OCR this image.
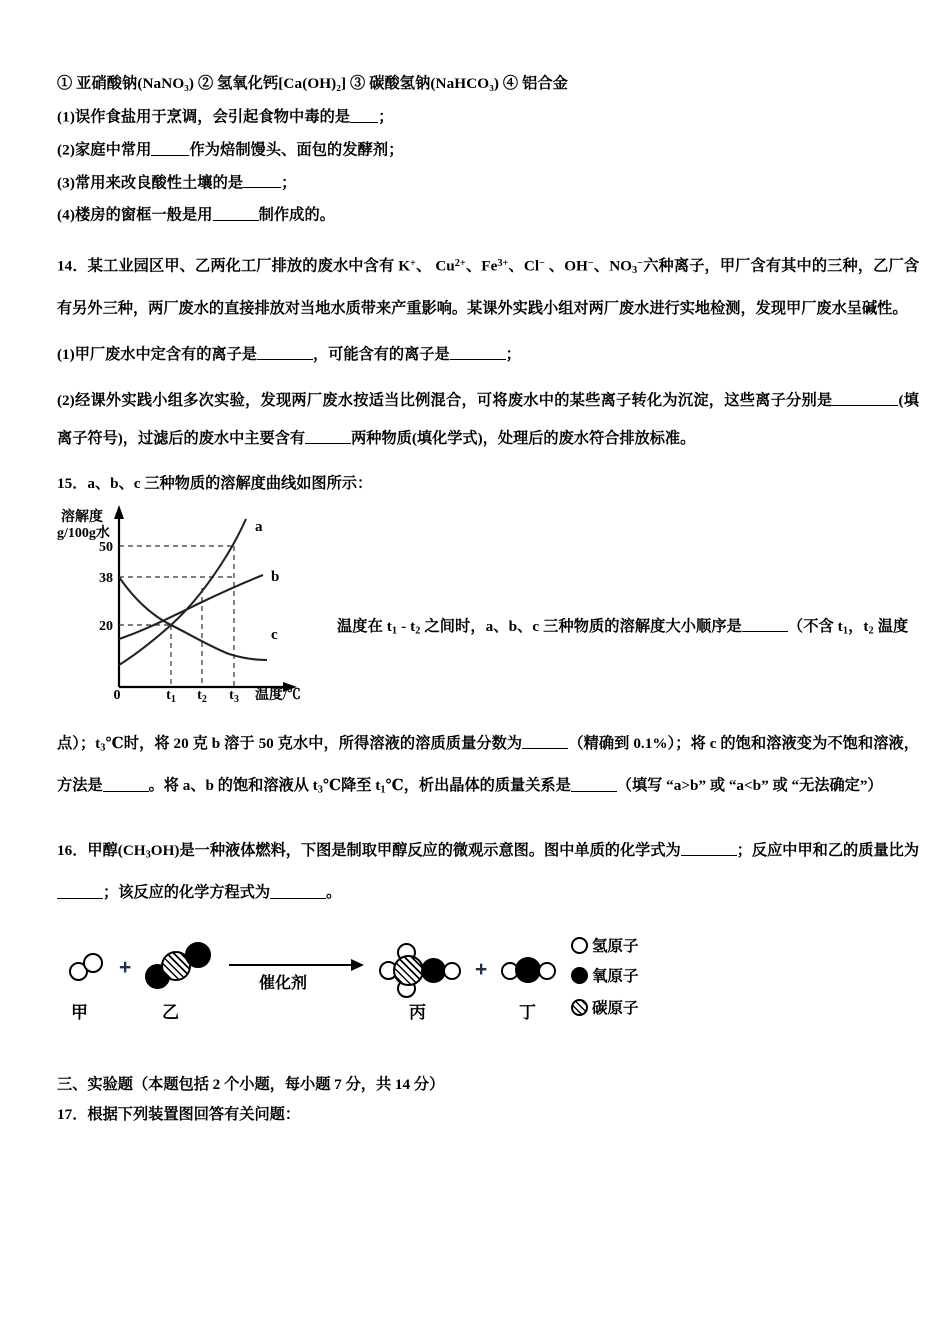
① 亚硝酸钠(NaNO₃) ② 氢氧化钙[Ca(OH)₂] ③ 碳酸氢钠(NaHCO₃) ④ 铝合金
(1)误作食盐用于烹调，会引起食物中毒的是 ；
(2)家庭中常用	作为焙制馒头、面包的发酵剂；
(3)常用来改良酸性土壤的是	；
(4)楼房的窗框一般是用	制作成的。

14．某工业园区甲、乙两化工厂排放的废水中含有 K+、 $Cu^{2+}$、$Fe^{3+}$、Cl− 、OH−、$NO_3^-$六种离子，甲厂含有其中的三种，乙厂含有另外三种，两厂废水的直接排放对当地水质带来产重影响。某课外实践小组对两厂废水进行实地检测，发现甲厂废水呈碱性。

(1)甲厂废水中定含有的离子是	，可能含有的离子是	；

(2)经课外实践小组多次实验，发现两厂废水按适当比例混合，可将废水中的某些离子转化为沉淀，这些离子分别是	(填离子符号)，过滤后的废水中主要含有	两种物质(填化学式)，处理后的废水符合排放标准。

15．a、b、c 三种物质的溶解度曲线如图所示：
a
b
c
50
38
20
溶解度
g/100g水
0	$t_1$ $t_2$ $t_3$ 温度/℃
温度在 $t_1 - t_2$ 之间时，a、b、c 三种物质的溶解度大小顺序是	（不含 $t_1$，$t_2$ 温度

点）；$t_3℃$时，将 20 克 b 溶于 50 克水中，所得溶液的溶质质量分数为	（精确到 0.1%）；将 c 的饱和溶液变为不饱和溶液，方法是	。将 a、b 的饱和溶液从 $t_3℃$降至 $t_1℃$，析出晶体的质量关系是	（填写 “a>b” 或 “a<b” 或 “无法确定”）

16．甲醇$(CH_3OH)$是一种液体燃料，下图是制取甲醇反应的微观示意图。图中单质的化学式为	；反应中甲和乙的质量比为；该反应的化学方程式为	。

甲
+
乙
催化剂
丙
+
丁
氢原子
氧原子
碳原子

三、实验题（本题包括 2 个小题，每小题 7 分，共 14 分）

17．根据下列装置图回答有关问题：
